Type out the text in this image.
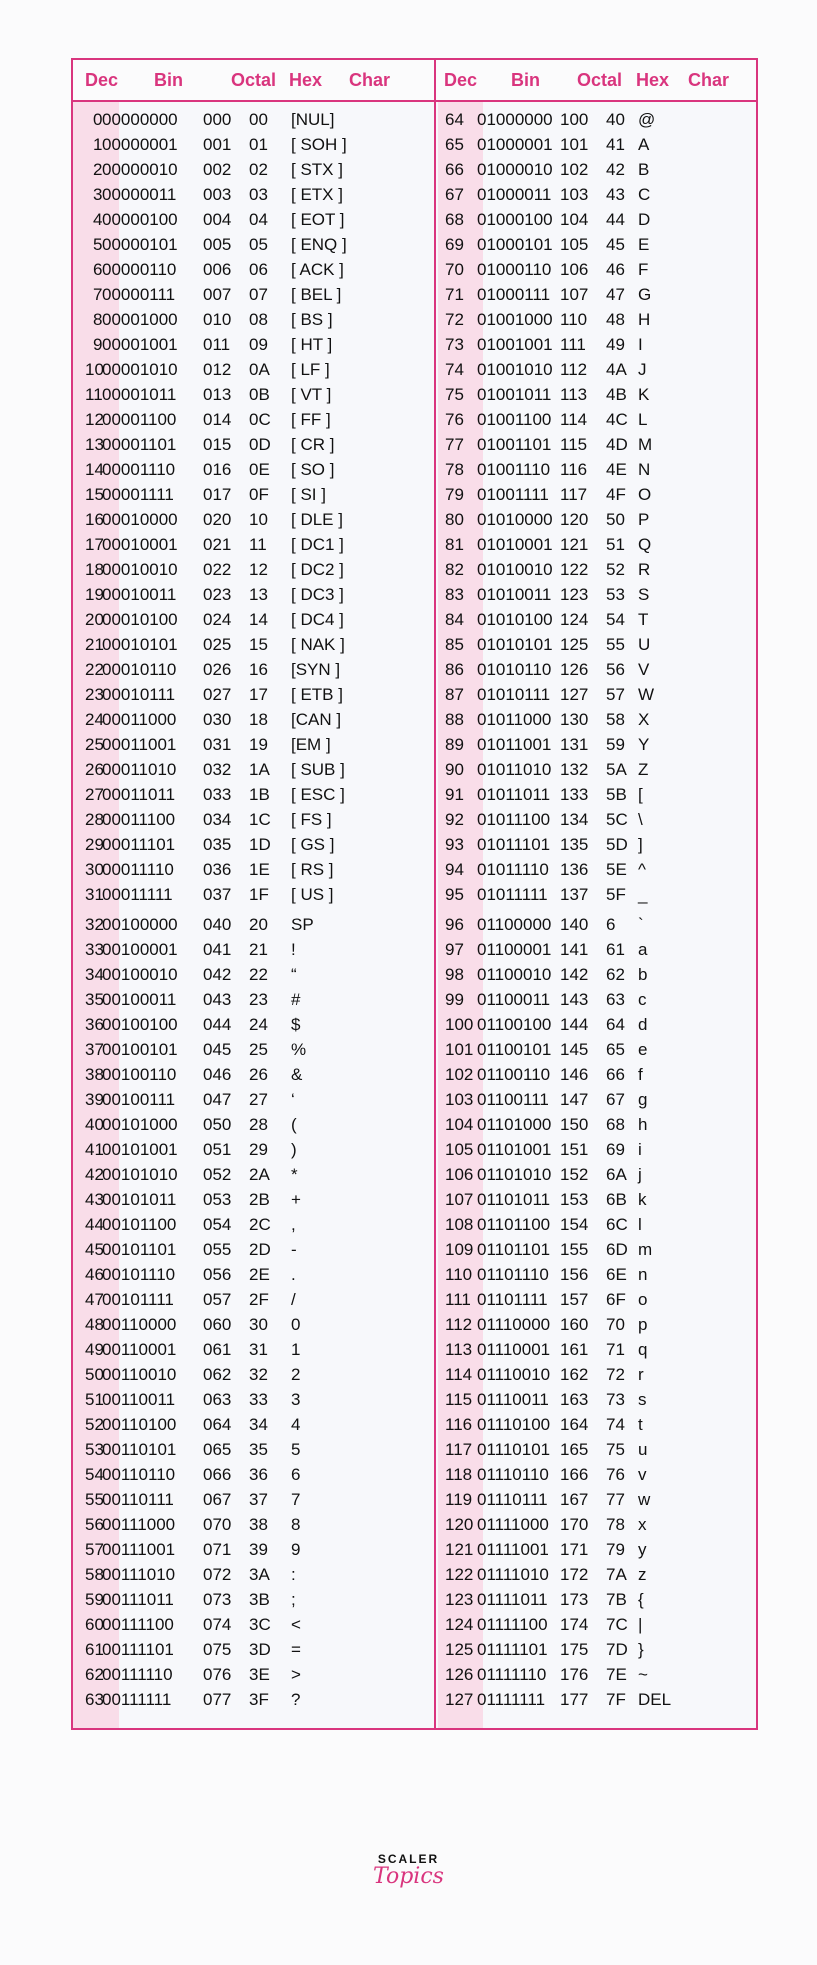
Dec Bin	Octal Hex Char
0 00000000 000 00 [NUL]
1 00000001 001 01 [ SOH ]
2 00000010 002 02 [ STX ]
3 00000011 003 03 [ ETX ]
4 00000100 004 04 [ EOT ]
5 00000101 005 05 [ ENQ ]
6 00000110 006 06 [ ACK ]
7 00000111 007 07 [ BEL ]
8 00001000 010 08 [ BS ]
9 00001001 011 09 [ HT ]
10
00001010 012 0A [ LF ]
11 00001011 013 0B [ VT ]
12
00001100 014 0C [ FF ]
13
00001101 015 0D [ CR ]
14
00001110 016 0E [ SO ]
15
00001111 017 0F [ SI ]
16
00010000 020 10 [ DLE ]
17
00010001 021 11 [ DC1 ]
18
00010010 022 12 [ DC2 ]
19
00010011 023 13 [ DC3 ]
20
00010100 024 14 [ DC4 ]
21
00010101 025 15 [ NAK ]
22
00010110 026 16 [SYN ]
23
00010111 027 17 [ ETB ]
24
00011000 030 18 [CAN ]
25
00011001 031 19 [EM ]
26
00011010 032 1A [ SUB ]
27
00011011 033 1B [ ESC ]
28
00011100 034 1C [ FS ]
29
00011101 035 1D [ GS ]
30
00011110 036 1E [ RS ]
31
00011111 037 1F [ US ]
32
00100000 040 20 SP
33
00100001 041 21 !
34
00100010 042 22 “
35
00100011 043 23 #
36
00100100 044 24 $
37
00100101 045 25 %
38
00100110 046 26 &
39
00100111 047 27 ‘
40
00101000 050 28 (
41
00101001 051 29 )
42
00101010 052 2A *
43
00101011 053 2B +
44
00101100 054 2C ,
45
00101101 055 2D -
46
00101110 056 2E .
47
00101111 057 2F /
48
00110000 060 30 0
49
00110001 061 31 1
50
00110010 062 32 2
51
00110011 063 33 3
52
00110100 064 34 4
53
00110101 065 35 5
54
00110110 066 36 6
55
00110111 067 37 7
56
00111000 070 38 8
57
00111001 071 39 9
58
00111010 072 3A :
59
00111011 073 3B ;
60
00111100 074 3C <
61
00111101 075 3D =
62
00111110 076 3E >
63
00111111 077 3F ?
Dec Bin Octal Hex Char
64 01000000 100 40 @
65 01000001 101 41 A
66 01000010 102 42 B
67 01000011 103 43 C
68 01000100 104 44 D
69 01000101 105 45 E
70 01000110 106 46 F
71 01000111 107 47 G
72 01001000 110 48 H
73 01001001 111 49 I
74 01001010 112 4A J
75 01001011 113 4B K
76 01001100 114 4C L
77 01001101 115 4D M
78 01001110 116 4E N
79 01001111 117 4F O
80 01010000 120 50 P
81 01010001 121 51 Q
82 01010010 122 52 R
83 01010011 123 53 S
84 01010100 124 54 T
85 01010101 125 55 U
86 01010110 126 56 V
87 01010111 127 57 W
88 01011000 130 58 X
89 01011001 131 59 Y
90 01011010 132 5A Z
91 01011011 133 5B [
92 01011100 134 5C \
93 01011101 135 5D ]
94 01011110 136 5E ^
95 01011111 137 5F _
96 01100000 140 6 `
97 01100001 141 61 a
98 01100010 142 62 b
99 01100011 143 63 c
100 01100100 144 64 d
101 01100101 145 65 e
102 01100110 146 66 f
103 01100111 147 67 g
104 01101000 150 68 h
105 01101001 151 69 i
106 01101010 152 6A j
107 01101011 153 6B k
108 01101100 154 6C l
109 01101101 155 6D m
110 01101110 156 6E n
111 01101111 157 6F o
112 01110000 160 70 p
113 01110001 161 71 q
114 01110010 162 72 r
115 01110011 163 73 s
116 01110100 164 74 t
117 01110101 165 75 u
118 01110110 166 76 v
119 01110111 167 77 w
120 01111000 170 78 x
121 01111001 171 79 y
122 01111010 172 7A z
123 01111011 173 7B {
124 01111100 174 7C |
125 01111101 175 7D }
126 01111110 176 7E ~
127 01111111 177 7F DEL
SCALER
Topics
